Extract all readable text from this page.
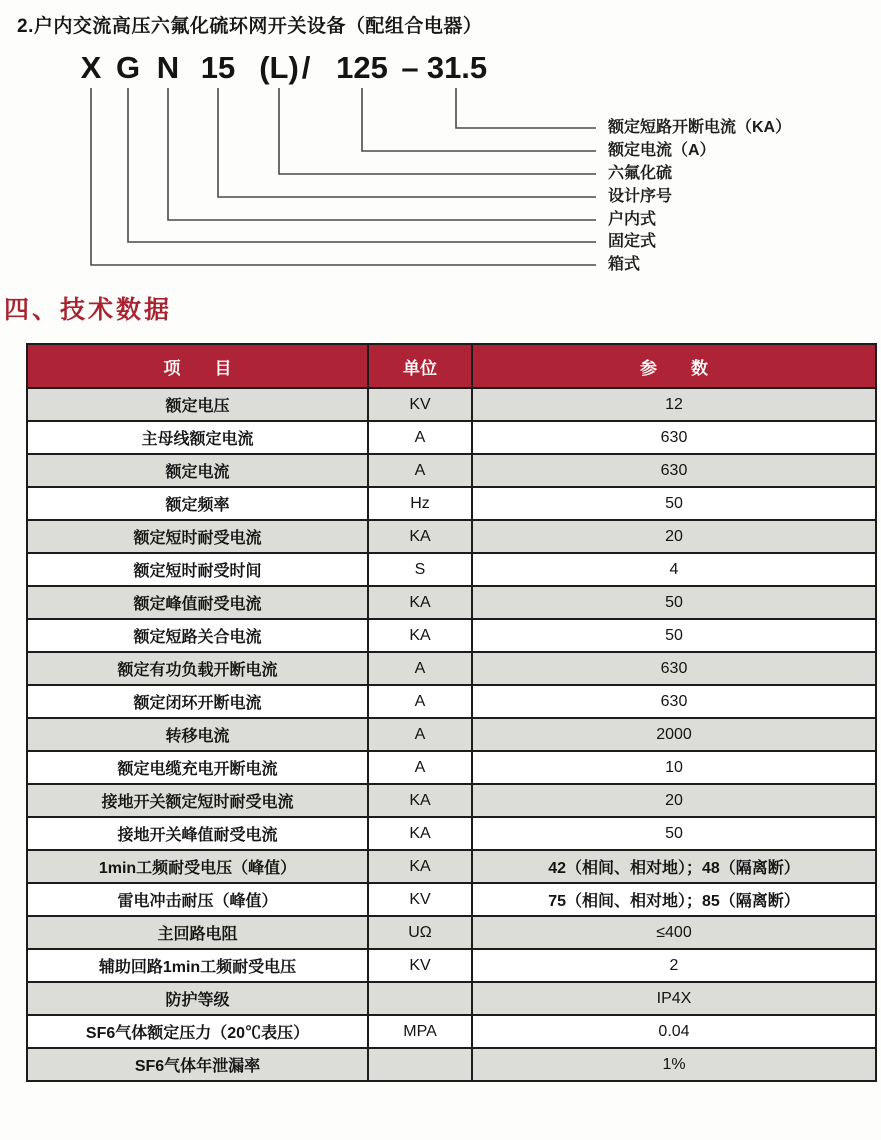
2.户内交流高压六氟化硫环网开关设备（配组合电器）
X G N 15 (L) / 125 – 31.5
额定短路开断电流（KA）
额定电流（A）
六氟化硫
设计序号
户内式
固定式
箱式
四、技术数据
项　　目	单位	参　　数
额定电压	KV	12
主母线额定电流	A	630
额定电流	A	630
额定频率	Hz	50
额定短时耐受电流	KA	20
额定短时耐受时间	S	4
额定峰值耐受电流	KA	50
额定短路关合电流	KA	50
额定有功负载开断电流	A	630
额定闭环开断电流	A	630
转移电流	A	2000
额定电缆充电开断电流	A	10
接地开关额定短时耐受电流	KA	20
接地开关峰值耐受电流	KA	50
1min工频耐受电压（峰值）	KA	42（相间、相对地）；48（隔离断）
雷电冲击耐压（峰值）	KV	75（相间、相对地）；85（隔离断）
主回路电阻	UΩ	≤400
辅助回路1min工频耐受电压	KV	2
防护等级		IP4X
SF6气体额定压力（20℃表压）	MPA	0.04
SF6气体年泄漏率		1%
